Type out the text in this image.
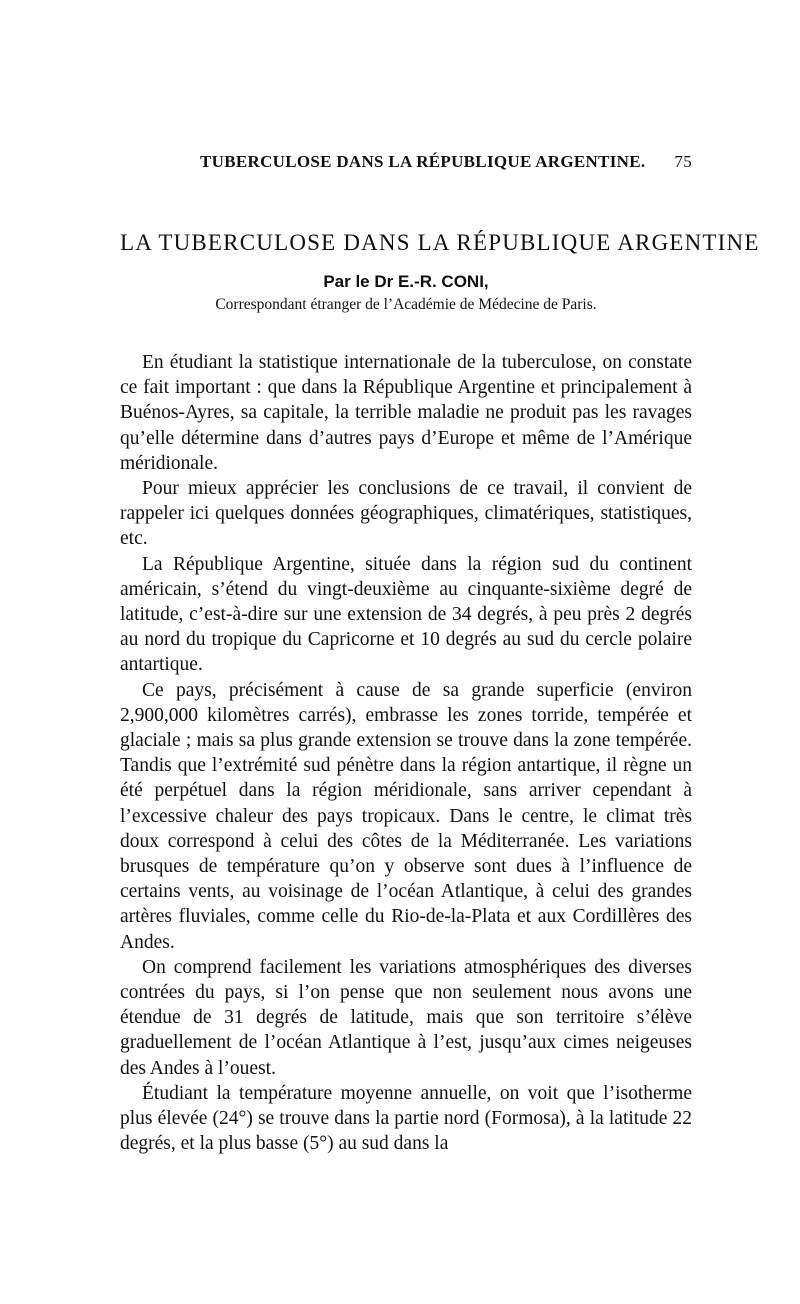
TUBERCULOSE DANS LA RÉPUBLIQUE ARGENTINE. 75
LA TUBERCULOSE DANS LA RÉPUBLIQUE ARGENTINE
Par le Dr E.-R. CONI,
Correspondant étranger de l’Académie de Médecine de Paris.

En étudiant la statistique internationale de la tuberculose, on constate ce fait important : que dans la République Argentine et principalement à Buénos-Ayres, sa capitale, la terrible maladie ne produit pas les ravages qu’elle détermine dans d’autres pays d’Europe et même de l’Amérique méridionale.

Pour mieux apprécier les conclusions de ce travail, il convient de rappeler ici quelques données géographiques, climatériques, statistiques, etc.

La République Argentine, située dans la région sud du continent américain, s’étend du vingt-deuxième au cinquante-sixième degré de latitude, c’est-à-dire sur une extension de 34 degrés, à peu près 2 degrés au nord du tropique du Capricorne et 10 degrés au sud du cercle polaire antartique.

Ce pays, précisément à cause de sa grande superficie (environ 2,900,000 kilomètres carrés), embrasse les zones torride, tempérée et glaciale ; mais sa plus grande extension se trouve dans la zone tempérée. Tandis que l’extrémité sud pénètre dans la région antartique, il règne un été perpétuel dans la région méridionale, sans arriver cependant à l’excessive chaleur des pays tropicaux. Dans le centre, le climat très doux correspond à celui des côtes de la Méditerranée. Les variations brusques de température qu’on y observe sont dues à l’influence de certains vents, au voisinage de l’océan Atlantique, à celui des grandes artères fluviales, comme celle du Rio-de-la-Plata et aux Cordillères des Andes.

On comprend facilement les variations atmosphériques des diverses contrées du pays, si l’on pense que non seulement nous avons une étendue de 31 degrés de latitude, mais que son territoire s’élève graduellement de l’océan Atlantique à l’est, jusqu’aux cimes neigeuses des Andes à l’ouest.

Étudiant la température moyenne annuelle, on voit que l’isotherme plus élevée (24°) se trouve dans la partie nord (Formosa), à la latitude 22 degrés, et la plus basse (5°) au sud dans la
